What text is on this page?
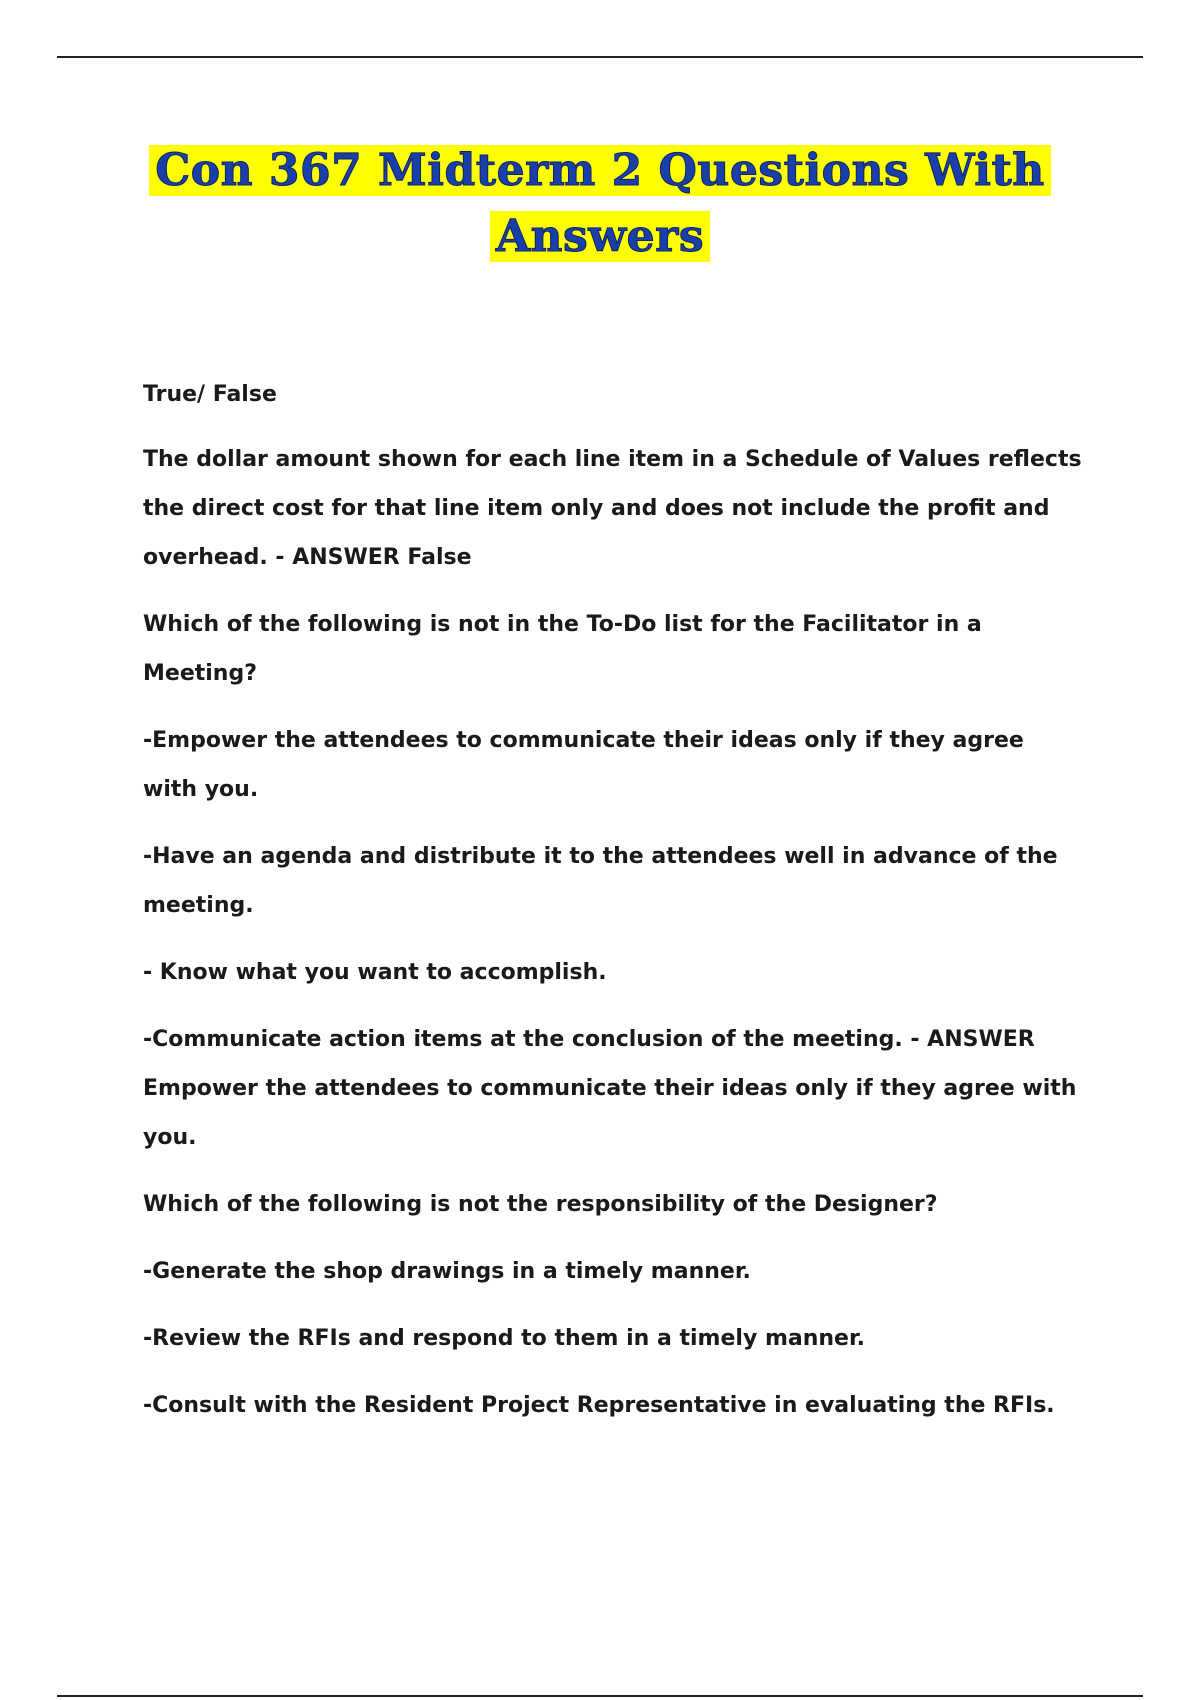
Con 367 Midterm 2 Questions With
Answers

True/ False

The dollar amount shown for each line item in a Schedule of Values reflects the direct cost for that line item only and does not include the profit and overhead. - ANSWER False

Which of the following is not in the To-Do list for the Facilitator in a Meeting?

-Empower the attendees to communicate their ideas only if they agree with you.

-Have an agenda and distribute it to the attendees well in advance of the meeting.

- Know what you want to accomplish.

-Communicate action items at the conclusion of the meeting. - ANSWER Empower the attendees to communicate their ideas only if they agree with you.

Which of the following is not the responsibility of the Designer?

-Generate the shop drawings in a timely manner.

-Review the RFIs and respond to them in a timely manner.

-Consult with the Resident Project Representative in evaluating the RFIs.
